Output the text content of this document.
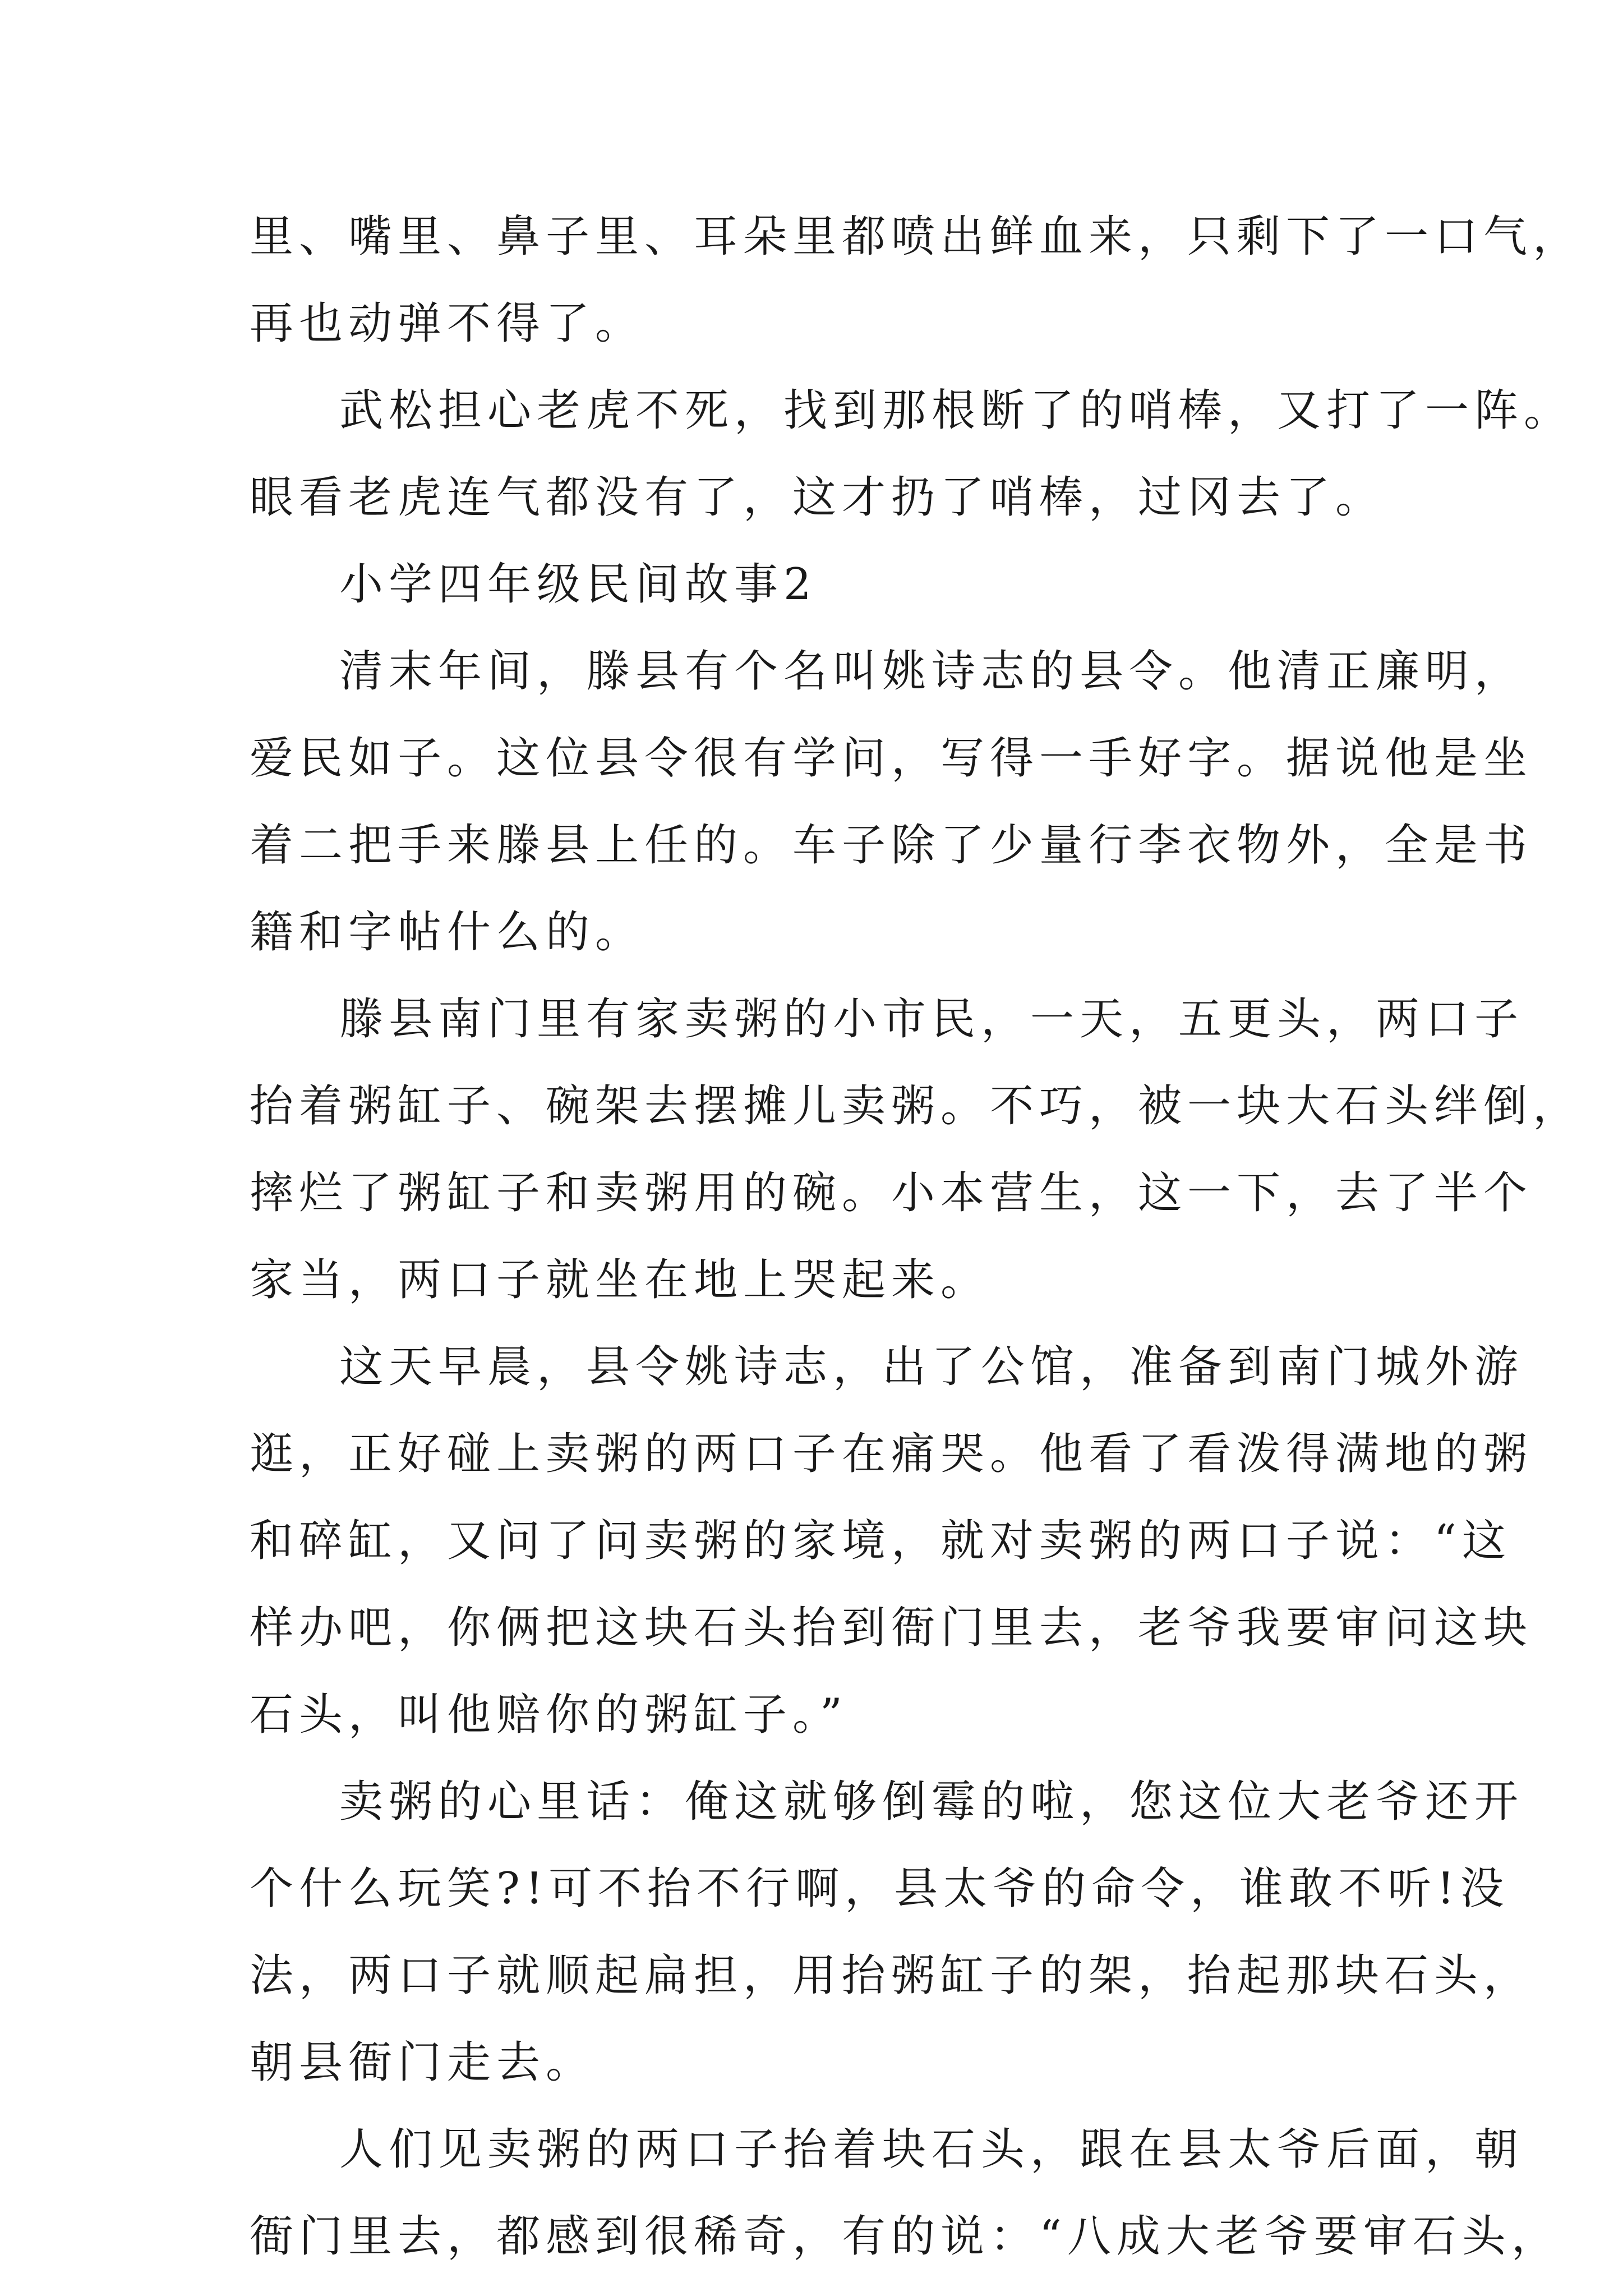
里、嘴里、鼻子里、耳朵里都喷出鲜血来，只剩下了一口气，
再也动弹不得了。
武松担心老虎不死，找到那根断了的哨棒，又打了一阵。
眼看老虎连气都没有了，这才扔了哨棒，过冈去了。
小学四年级民间故事2
清末年间，滕县有个名叫姚诗志的县令。他清正廉明，
爱民如子。这位县令很有学问，写得一手好字。据说他是坐
着二把手来滕县上任的。车子除了少量行李衣物外，全是书
籍和字帖什么的。
滕县南门里有家卖粥的小市民，一天，五更头，两口子
抬着粥缸子、碗架去摆摊儿卖粥。不巧，被一块大石头绊倒，
摔烂了粥缸子和卖粥用的碗。小本营生，这一下，去了半个
家当，两口子就坐在地上哭起来。
这天早晨，县令姚诗志，出了公馆，准备到南门城外游
逛，正好碰上卖粥的两口子在痛哭。他看了看泼得满地的粥
和碎缸，又问了问卖粥的家境，就对卖粥的两口子说：“这
样办吧，你俩把这块石头抬到衙门里去，老爷我要审问这块
石头，叫他赔你的粥缸子。”
卖粥的心里话：俺这就够倒霉的啦，您这位大老爷还开
个什么玩笑?!可不抬不行啊，县太爷的命令，谁敢不听!没
法，两口子就顺起扁担，用抬粥缸子的架，抬起那块石头，
朝县衙门走去。
人们见卖粥的两口子抬着块石头，跟在县太爷后面，朝
衙门里去，都感到很稀奇，有的说：“八成大老爷要审石头，
